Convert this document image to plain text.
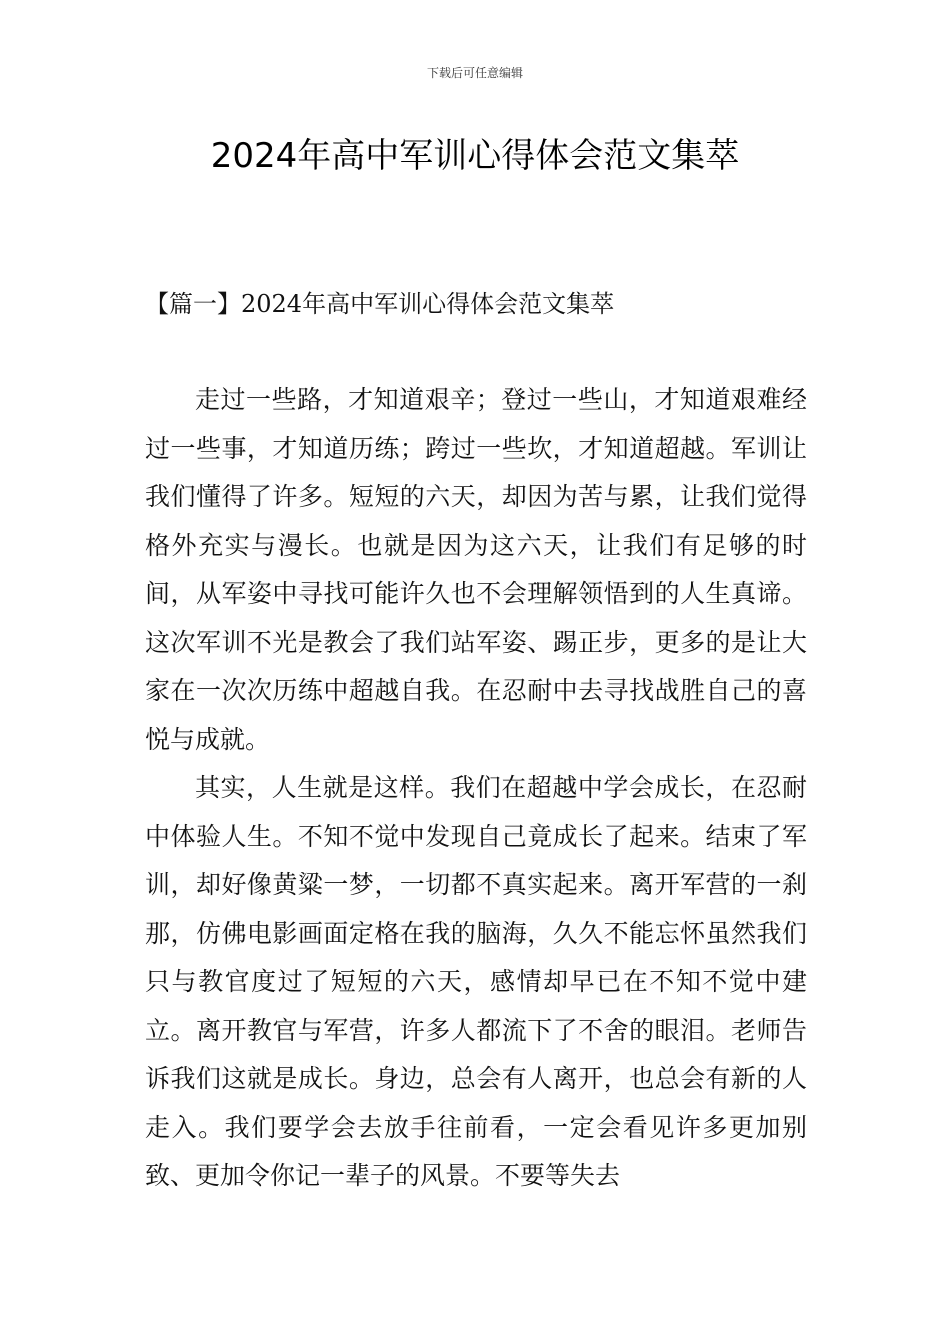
下载后可任意编辑
2024年高中军训心得体会范文集萃
【篇一】2024年高中军训心得体会范文集萃

走过一些路，才知道艰辛；登过一些山，才知道艰难经过一些事，才知道历练；跨过一些坎，才知道超越。军训让我们懂得了许多。短短的六天，却因为苦与累，让我们觉得格外充实与漫长。也就是因为这六天，让我们有足够的时间，从军姿中寻找可能许久也不会理解领悟到的人生真谛。这次军训不光是教会了我们站军姿、踢正步，更多的是让大家在一次次历练中超越自我。在忍耐中去寻找战胜自己的喜悦与成就。

其实，人生就是这样。我们在超越中学会成长，在忍耐中体验人生。不知不觉中发现自己竟成长了起来。结束了军训，却好像黄粱一梦，一切都不真实起来。离开军营的一刹那，仿佛电影画面定格在我的脑海，久久不能忘怀虽然我们只与教官度过了短短的六天，感情却早已在不知不觉中建立。离开教官与军营，许多人都流下了不舍的眼泪。老师告诉我们这就是成长。身边，总会有人离开，也总会有新的人走入。我们要学会去放手往前看，一定会看见许多更加别致、更加令你记一辈子的风景。不要等失去
